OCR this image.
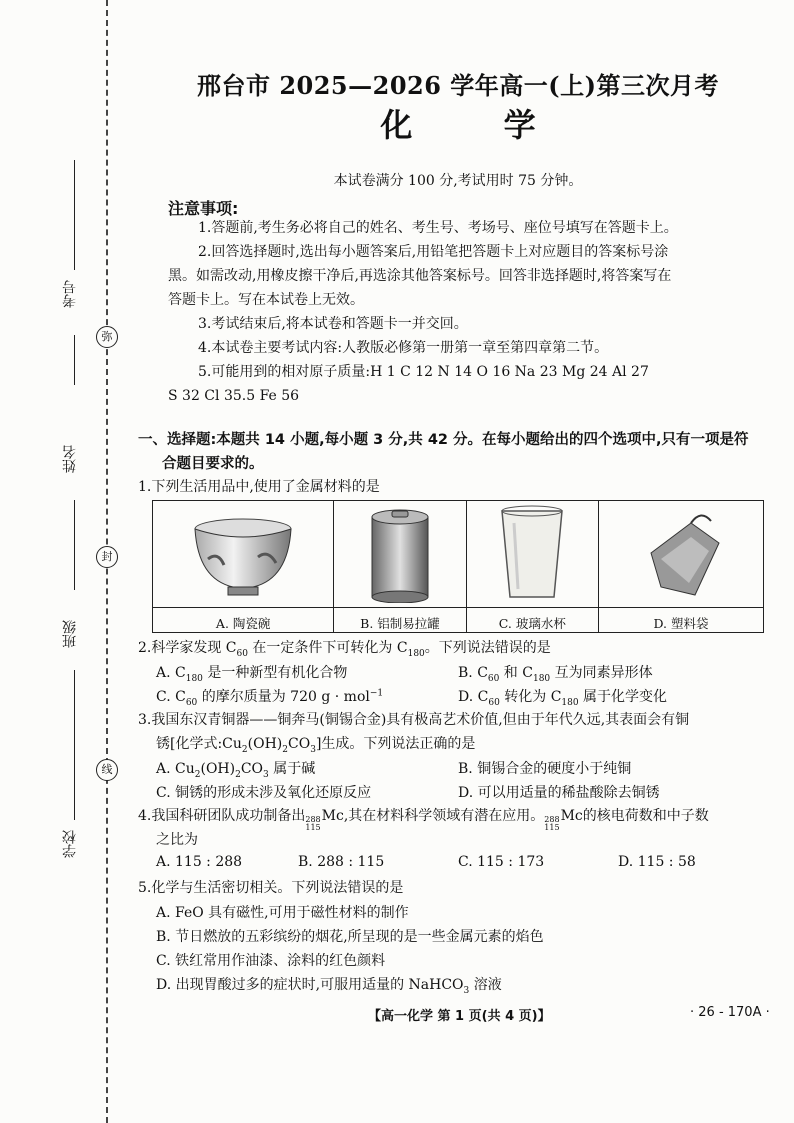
考号
姓名
班级
学校
弥
封
线
邢台市 2025—2026 学年高一(上)第三次月考
化 学
本试卷满分 100 分,考试用时 75 分钟。
注意事项:
1.答题前,考生务必将自己的姓名、考生号、考场号、座位号填写在答题卡上。
2.回答选择题时,选出每小题答案后,用铅笔把答题卡上对应题目的答案标号涂
黑。如需改动,用橡皮擦干净后,再选涂其他答案标号。回答非选择题时,将答案写在
答题卡上。写在本试卷上无效。
3.考试结束后,将本试卷和答题卡一并交回。
4.本试卷主要考试内容:人教版必修第一册第一章至第四章第二节。
5.可能用到的相对原子质量:H 1 C 12 N 14 O 16 Na 23 Mg 24 Al 27
S 32 Cl 35.5 Fe 56
一、选择题:本题共 14 小题,每小题 3 分,共 42 分。在每小题给出的四个选项中,只有一项是符
合题目要求的。
1.下列生活用品中,使用了金属材料的是

A. 陶瓷碗	B. 铝制易拉罐	C. 玻璃水杯	D. 塑料袋
2.科学家发现 $C_{60}$ 在一定条件下可转化为 $C_{180}$。下列说法错误的是
A. $C_{180}$ 是一种新型有机化合物	B. $C_{60}$ 和 $C_{180}$ 互为同素异形体
C. $C_{60}$ 的摩尔质量为 720 g · mol$^{-1}$	D. $C_{60}$ 转化为 $C_{180}$ 属于化学变化
3.我国东汉青铜器——铜奔马(铜锡合金)具有极高艺术价值,但由于年代久远,其表面会有铜
锈[化学式$:Cu_2(OH)_2CO_3$]生成。下列说法正确的是
A. $Cu_2(OH)_2CO_3$ 属于碱	B. 铜锡合金的硬度小于纯铜
C. 铜锈的形成未涉及氧化还原反应	D. 可以用适量的稀盐酸除去铜锈
4.我国科研团队成功制备出 288
115
Mc,其在材料科学领域有潜在应用。 288
115
Mc的核电荷数和中子数
之比为
A. 115 : 288	B. 288 : 115	C. 115 : 173	D. 115 : 58
5.化学与生活密切相关。下列说法错误的是
A. FeO 具有磁性,可用于磁性材料的制作
B. 节日燃放的五彩缤纷的烟花,所呈现的是一些金属元素的焰色
C. 铁红常用作油漆、涂料的红色颜料
D. 出现胃酸过多的症状时,可服用适量的 NaHCO$_3$ 溶液
【高一化学 第 1 页(共 4 页)】	· 26 - 170A ·
